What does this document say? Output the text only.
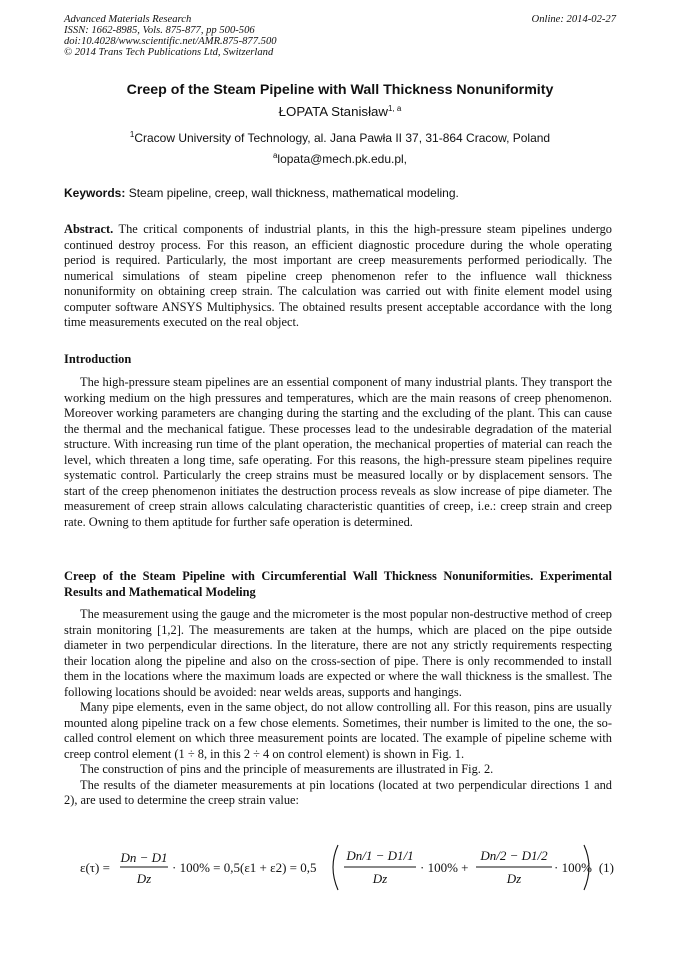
Advanced Materials Research
ISSN: 1662-8985, Vols. 875-877, pp 500-506
doi:10.4028/www.scientific.net/AMR.875-877.500
© 2014 Trans Tech Publications Ltd, Switzerland
Online: 2014-02-27
Creep of the Steam Pipeline with Wall Thickness Nonuniformity
ŁOPATA Stanisław$^{1, a}$
$^1$Cracow University of Technology, al. Jana Pawła II 37, 31-864 Cracow, Poland
$^a$lopata@mech.pk.edu.pl,
Keywords: Steam pipeline, creep, wall thickness, mathematical modeling.

Abstract. The critical components of industrial plants, in this the high-pressure steam pipelines undergo continued destroy process. For this reason, an efficient diagnostic procedure during the whole operating period is required. Particularly, the most important are creep measurements performed periodically. The numerical simulations of steam pipeline creep phenomenon refer to the influence wall thickness nonuniformity on obtaining creep strain. The calculation was carried out with finite element model using computer software ANSYS Multiphysics. The obtained results present acceptable accordance with the long time measurements executed on the real object.

Introduction

The high-pressure steam pipelines are an essential component of many industrial plants. They transport the working medium on the high pressures and temperatures, which are the main reasons of creep phenomenon. Moreover working parameters are changing during the starting and the excluding of the plant. This can cause the thermal and the mechanical fatigue. These processes lead to the undesirable degradation of the material structure. With increasing run time of the plant operation, the mechanical properties of material can reach the level, which threaten a long time, safe operating. For this reasons, the high-pressure steam pipelines require systematic control. Particularly the creep strains must be measured locally or by displacement sensors. The start of the creep phenomenon initiates the destruction process reveals as slow increase of pipe diameter. The measurement of creep strain allows calculating characteristic quantities of creep, i.e.: creep strain and creep rate. Owning to them aptitude for further safe operation is determined.

Creep of the Steam Pipeline with Circumferential Wall Thickness Nonuniformities. Experimental Results and Mathematical Modeling

The measurement using the gauge and the micrometer is the most popular non-destructive method of creep strain monitoring [1,2]. The measurements are taken at the humps, which are placed on the pipe outside diameter in two perpendicular directions. In the literature, there are not any strictly requirements respecting their location along the pipeline and also on the cross-section of pipe. There is only recommended to install them in the locations where the maximum loads are expected or where the wall thickness is the smallest. The following locations should be avoided: near welds areas, supports and hangings.

Many pipe elements, even in the same object, do not allow controlling all. For this reason, pins are usually mounted along pipeline track on a few chose elements. Sometimes, their number is limited to the one, the so-called control element on which three measurement points are located. The example of pipeline scheme with creep control element (1 ÷ 8, in this 2 ÷ 4 on control element) is shown in Fig. 1.

The construction of pins and the principle of measurements are illustrated in Fig. 2.

The results of the diameter measurements at pin locations (located at two perpendicular directions 1 and 2), are used to determine the creep strain value:

ε(τ) =
Dn − D1
Dz
· 100% = 0,5(ε1 + ε2) = 0,5
Dn/1 − D1/1
Dz
· 100% +
Dn/2 − D1/2
Dz
· 100% (1)
